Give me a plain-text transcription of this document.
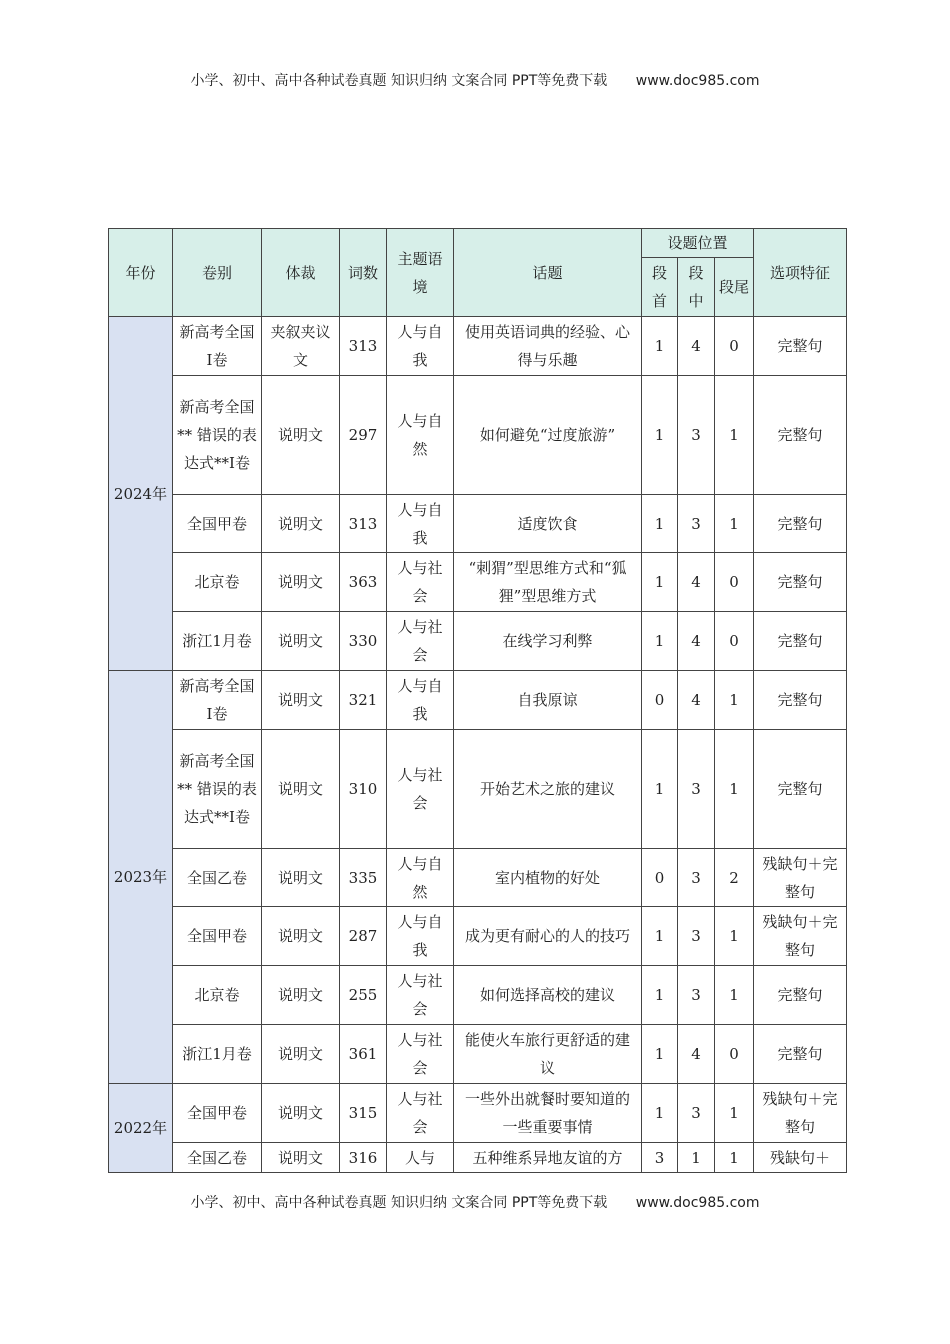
小学、初中、高中各种试卷真题 知识归纳 文案合同 PPT等免费下载 www.doc985.com
年份	卷别	体裁	词数	主题语境	话题	设题位置			选项特征
						段首	段中	段尾	
2024年	新高考全国I卷	夹叙夹议文	313	人与自我	使用英语词典的经验、心得与乐趣	1	4	0	完整句
	新高考全国** 错误的表达式**I卷	说明文	297	人与自然	如何避免“过度旅游”	1	3	1	完整句
	全国甲卷	说明文	313	人与自我	适度饮食	1	3	1	完整句
	北京卷	说明文	363	人与社会	“刺猬”型思维方式和“狐狸”型思维方式	1	4	0	完整句
	浙江1月卷	说明文	330	人与社会	在线学习利弊	1	4	0	完整句
2023年	新高考全国I卷	说明文	321	人与自我	自我原谅	0	4	1	完整句
	新高考全国** 错误的表达式**I卷	说明文	310	人与社会	开始艺术之旅的建议	1	3	1	完整句
	全国乙卷	说明文	335	人与自然	室内植物的好处	0	3	2	残缺句＋完整句
	全国甲卷	说明文	287	人与自我	成为更有耐心的人的技巧	1	3	1	残缺句＋完整句
	北京卷	说明文	255	人与社会	如何选择高校的建议	1	3	1	完整句
	浙江1月卷	说明文	361	人与社会	能使火车旅行更舒适的建议	1	4	0	完整句
2022年	全国甲卷	说明文	315	人与社会	一些外出就餐时要知道的一些重要事情	1	3	1	残缺句＋完整句
	全国乙卷	说明文	316	人与	五种维系异地友谊的方	3	1	1	残缺句＋
小学、初中、高中各种试卷真题 知识归纳 文案合同 PPT等免费下载 www.doc985.com
